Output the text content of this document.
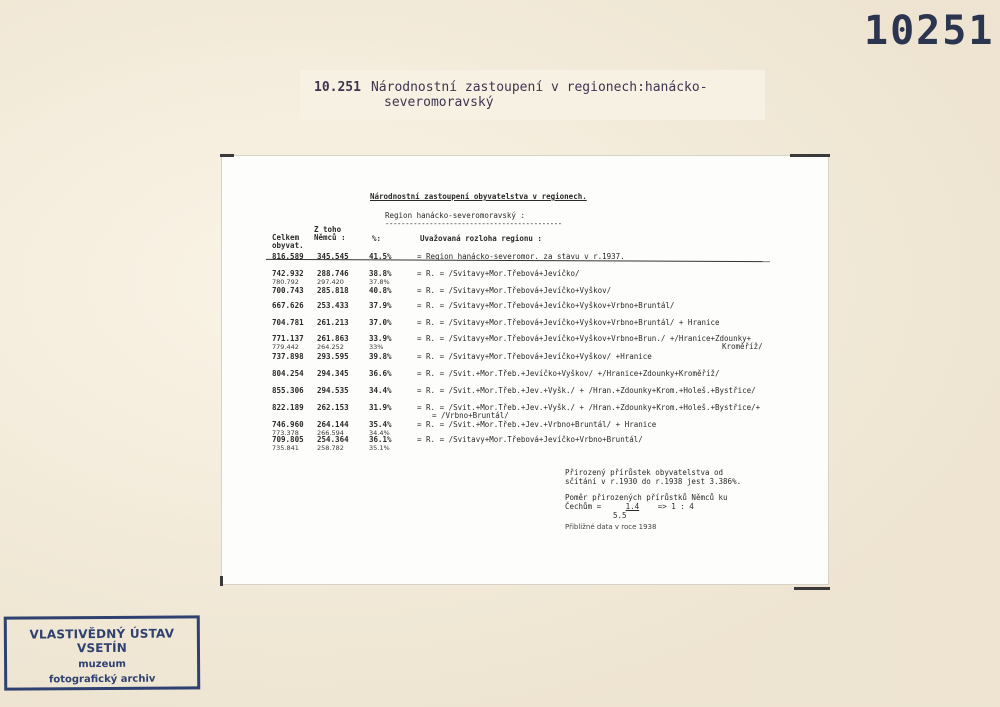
10251
10.251 Národnostní zastoupení v regionech:hanácko-
severomoravský
Národnostní zastoupení obyvatelstva v regionech.
Region hanácko-severomoravský :
--------------------------------------------
Celkem obyvat.
Z toho Němců :	%:	Uvažovaná rozloha regionu :
816.589 345.545	41.5%	= Region hanácko-severomor. za stavu v r.1937.
742.932 288.746	38.8%	= R. = /Svitavy+Mor.Třebová+Jevíčko/
780.792	297.420	37.8%
700.743 285.818	40.8%	= R. = /Svitavy+Mor.Třebová+Jevíčko+Vyškov/
667.626 253.433	37.9%	= R. = /Svitavy+Mor.Třebová+Jevíčko+Vyškov+Vrbno+Bruntál/
704.781 261.213	37.0%	= R. = /Svitavy+Mor.Třebová+Jevíčko+Vyškov+Vrbno+Bruntál/ + Hranice
771.137 261.863	33.9%	= R. = /Svitavy+Mor.Třebová+Jevíčko+Vyškov+Vrbno+Brun./ +/Hranice+Zdounky+
Kroměříž/
779.442	264.252	33%
737.898 293.595	39.8%	= R. = /Svitavy+Mor.Třebová+Jevíčko+Vyškov/ +Hranice
804.254 294.345	36.6%	= R. = /Svit.+Mor.Třeb.+Jevíčko+Vyškov/ +/Hranice+Zdounky+Kroměříž/
855.306 294.535	34.4%	= R. = /Svit.+Mor.Třeb.+Jev.+Vyšk./ + /Hran.+Zdounky+Krom.+Holeš.+Bystřice/
822.189 262.153	31.9%	= R. = /Svit.+Mor.Třeb.+Jev.+Vyšk./ + /Hran.+Zdounky+Krom.+Holeš.+Bystřice/+
= /Vrbno+Bruntál/
746.960 264.144	35.4%	= R. = /Svit.+Mor.Třeb.+Jev.+Vrbno+Bruntál/ + Hranice
773.378	266.594	34.4%
709.805 254.364	36.1%	= R. = /Svitavy+Mor.Třebová+Jevíčko+Vrbno+Bruntál/
735.841	258.782	35.1%
Přirozený přírůstek obyvatelstva od
sčítání v r.1930 do r.1938 jest 3.386%.
Poměr přirozených přírůstků Němců ku
Čechům =	1.4 => 1 : 4
5.5
Přibližné data v roce 1938
VLASTIVĚDNÝ ÚSTAV VSETÍN
muzeum
fotografický archiv
